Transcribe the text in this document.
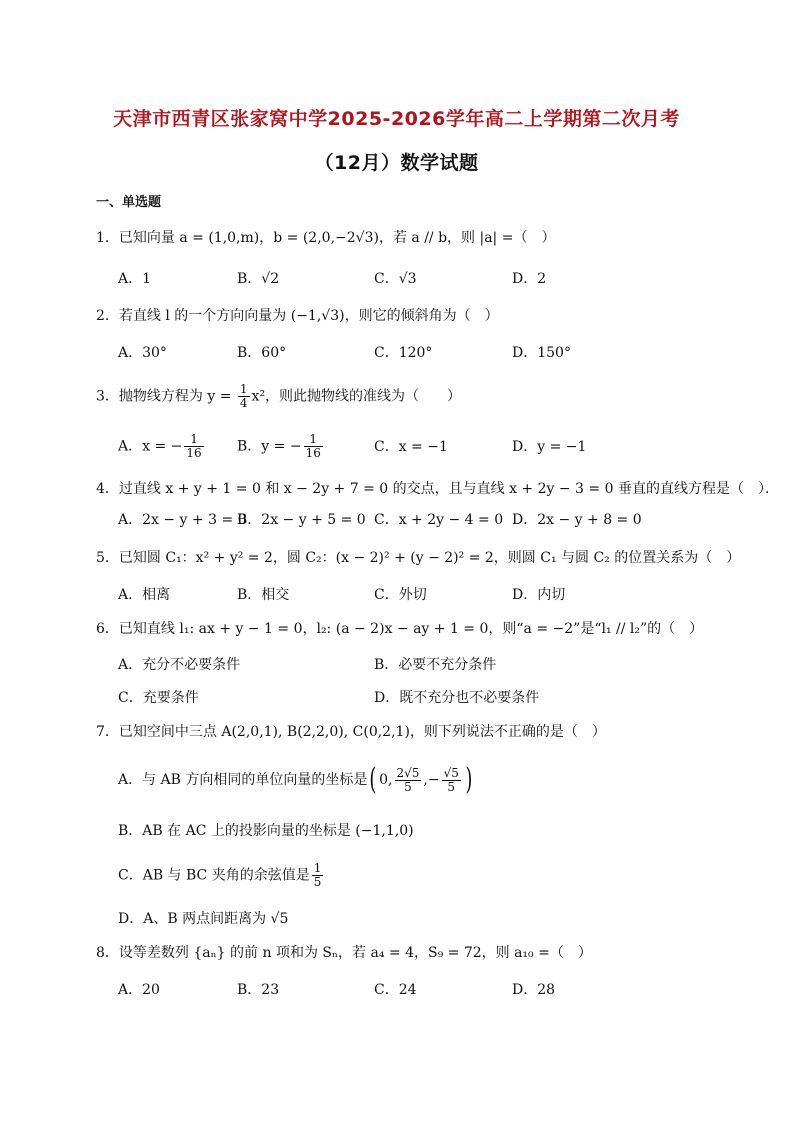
天津市西青区张家窝中学2025-2026学年高二上学期第二次月考
（12月）数学试题
一、单选题
1．已知向量 a = (1,0,m)，b = (2,0,−2√3)，若 a // b，则 |a| =（　）
A．1	B．√2	C．√3	D．2
2．若直线 l 的一个方向向量为 (−1,√3)，则它的倾斜角为（　）
A．30°	B．60°	C．120°	D．150°
3．抛物线方程为 $y = \frac{1}{4} x^2$，则此抛物线的准线为（　　）
A．x = − $\frac{1}{16}$ B．y = − $\frac{1}{16}$	C．x = −1	D．y = −1
4．过直线 x + y + 1 = 0 和 x − 2y + 7 = 0 的交点，且与直线 x + 2y − 3 = 0 垂直的直线方程是（　）．
A．2x − y + 3 = 0
B．2x − y + 5 = 0 C．x + 2y − 4 = 0 D．2x − y + 8 = 0
5．已知圆 C₁：x² + y² = 2，圆 C₂：(x − 2)² + (y − 2)² = 2，则圆 C₁ 与圆 C₂ 的位置关系为（　）
A．相离	B．相交	C．外切	D．内切
6．已知直线 l₁: ax + y − 1 = 0，l₂: (a − 2)x − ay + 1 = 0，则“a = −2”是“l₁ // l₂”的（　）
A．充分不必要条件	B．必要不充分条件
C．充要条件	D．既不充分也不必要条件
7．已知空间中三点 A(2,0,1), B(2,2,0), C(0,2,1)，则下列说法不正确的是（　）
A．与 AB 方向相同的单位向量的坐标是( 0, $\frac{2√5}{5}$ ,− $\frac{√5}{5}$ )
B．AB 在 AC 上的投影向量的坐标是 (−1,1,0)
C．AB 与 BC 夹角的余弦值是 $\frac{1}{5}$
D．A、B 两点间距离为 √5
8．设等差数列 {aₙ} 的前 n 项和为 Sₙ，若 a₄ = 4，S₉ = 72，则 a₁₀ =（　）
A．20	B．23	C．24	D．28
